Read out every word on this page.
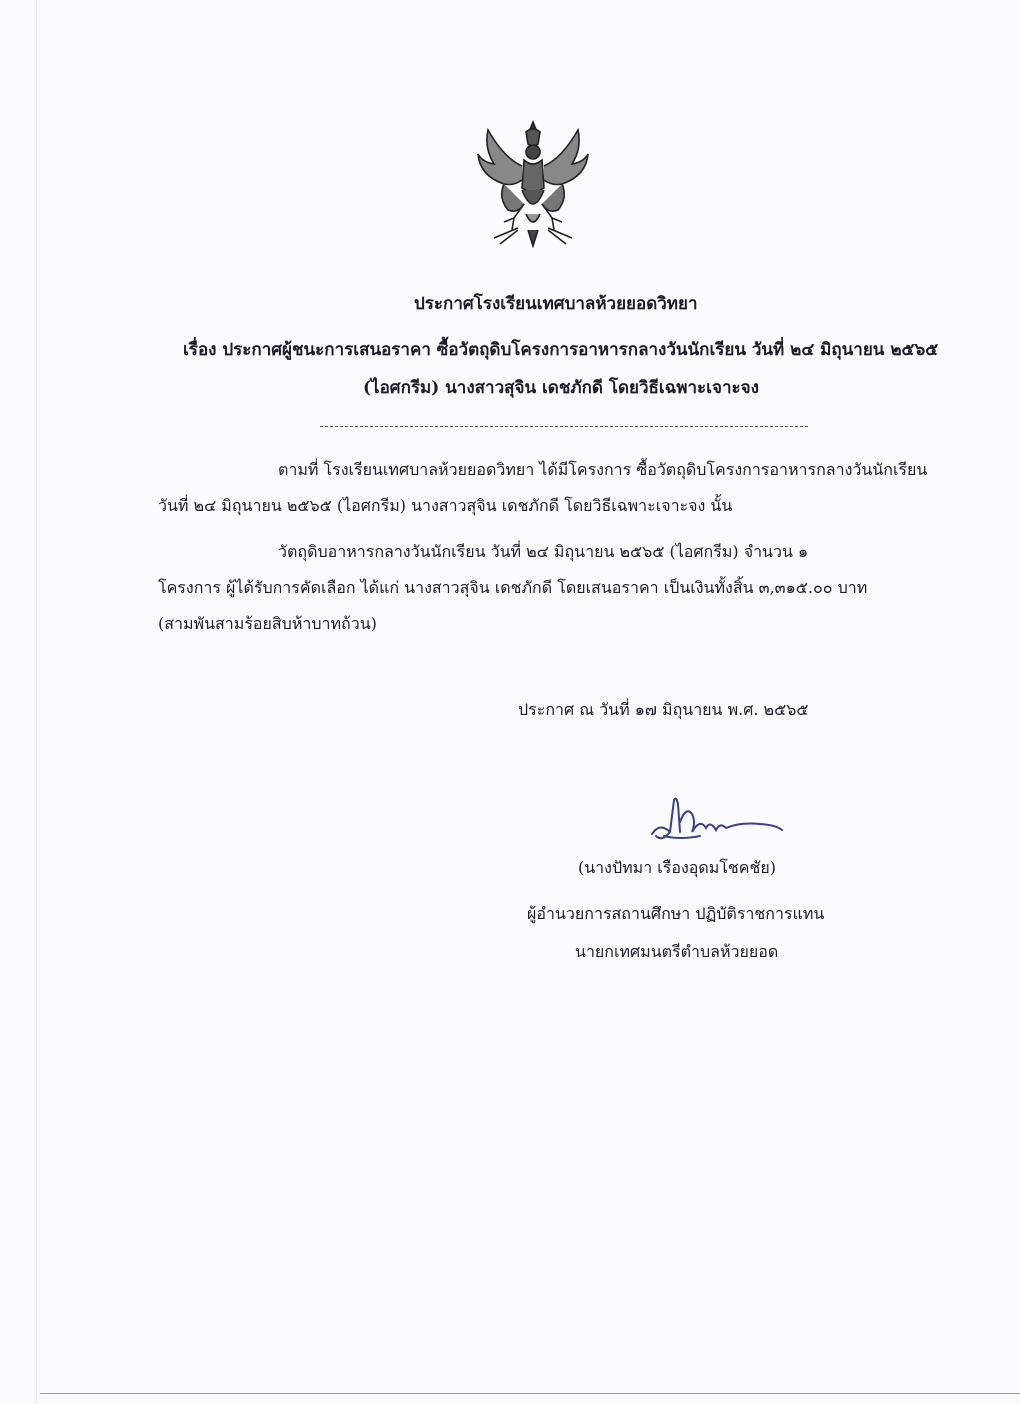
ประกาศโรงเรียนเทศบาลห้วยยอดวิทยา
เรื่อง ประกาศผู้ชนะการเสนอราคา ซื้อวัตถุดิบโครงการอาหารกลางวันนักเรียน วันที่ ๒๔ มิถุนายน ๒๕๖๕
(ไอศกรีม) นางสาวสุจิน เดชภักดี โดยวิธีเฉพาะเจาะจง
ตามที่ โรงเรียนเทศบาลห้วยยอดวิทยา ได้มีโครงการ ซื้อวัตถุดิบโครงการอาหารกลางวันนักเรียน
วันที่ ๒๔ มิถุนายน ๒๕๖๕ (ไอศกรีม) นางสาวสุจิน เดชภักดี โดยวิธีเฉพาะเจาะจง นั้น
วัตถุดิบอาหารกลางวันนักเรียน วันที่ ๒๔ มิถุนายน ๒๕๖๕ (ไอศกรีม) จำนวน ๑
โครงการ ผู้ได้รับการคัดเลือก ได้แก่ นางสาวสุจิน เดชภักดี โดยเสนอราคา เป็นเงินทั้งสิ้น ๓,๓๑๕.๐๐ บาท
(สามพันสามร้อยสิบห้าบาทถ้วน)
ประกาศ ณ วันที่ ๑๗ มิถุนายน พ.ศ. ๒๕๖๕
(นางปัทมา เรืองอุดมโชคชัย)
ผู้อำนวยการสถานศึกษา ปฏิบัติราชการแทน
นายกเทศมนตรีตำบลห้วยยอด
